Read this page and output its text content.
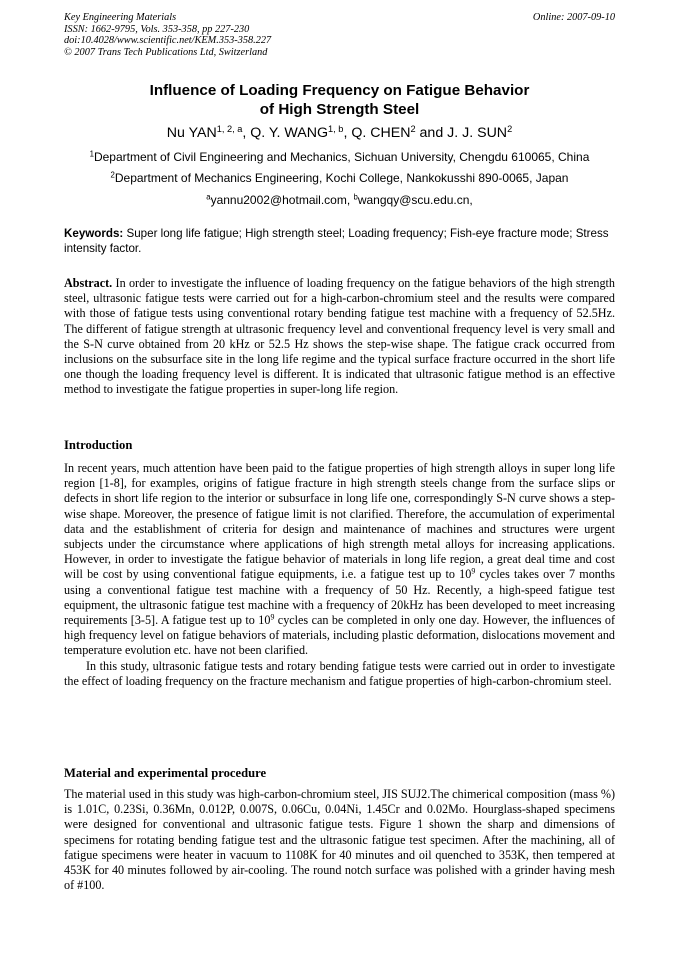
Key Engineering Materials
ISSN: 1662-9795, Vols. 353-358, pp 227-230
doi:10.4028/www.scientific.net/KEM.353-358.227
© 2007 Trans Tech Publications Ltd, Switzerland
Online: 2007-09-10
Influence of Loading Frequency on Fatigue Behavior
of High Strength Steel
Nu YAN$^{1, 2, a}$, Q. Y. WANG$^{1, b}$, Q. CHEN$^2$ and J. J. SUN$^2$
$^1$Department of Civil Engineering and Mechanics, Sichuan University, Chengdu 610065, China
$^2$Department of Mechanics Engineering, Kochi College, Nankokusshi 890-0065, Japan
$^a$yannu2002@hotmail.com, $^b$wangqy@scu.edu.cn,
Keywords: Super long life fatigue; High strength steel; Loading frequency; Fish-eye fracture mode; Stress intensity factor.

Abstract. In order to investigate the influence of loading frequency on the fatigue behaviors of the high strength steel, ultrasonic fatigue tests were carried out for a high-carbon-chromium steel and the results were compared with those of fatigue tests using conventional rotary bending fatigue test machine with a frequency of 52.5Hz. The different of fatigue strength at ultrasonic frequency level and conventional frequency level is very small and the S-N curve obtained from 20 kHz or 52.5 Hz shows the step-wise shape. The fatigue crack occurred from inclusions on the subsurface site in the long life regime and the typical surface fracture occurred in the short life one though the loading frequency level is different. It is indicated that ultrasonic fatigue method is an effective method to investigate the fatigue properties in super-long life region.

Introduction

In recent years, much attention have been paid to the fatigue properties of high strength alloys in super long life region [1-8], for examples, origins of fatigue fracture in high strength steels change from the surface slips or defects in short life region to the interior or subsurface in long life one, correspondingly S-N curve shows a step-wise shape. Moreover, the presence of fatigue limit is not clarified. Therefore, the accumulation of experimental data and the establishment of criteria for design and maintenance of machines and structures were urgent subjects under the circumstance where applications of high strength metal alloys for increasing applications. However, in order to investigate the fatigue behavior of materials in long life region, a great deal time and cost will be cost by using conventional fatigue equipments, i.e. a fatigue test up to $10^9$ cycles takes over 7 months using a conventional fatigue test machine with a frequency of 50 Hz. Recently, a high-speed fatigue test equipment, the ultrasonic fatigue test machine with a frequency of 20kHz has been developed to meet increasing requirements [3-5]. A fatigue test up to $10^9$ cycles can be completed in only one day. However, the influences of high frequency level on fatigue behaviors of materials, including plastic deformation, dislocations movement and temperature evolution etc. have not been clarified.

In this study, ultrasonic fatigue tests and rotary bending fatigue tests were carried out in order to investigate the effect of loading frequency on the fracture mechanism and fatigue properties of high-carbon-chromium steel.

Material and experimental procedure

The material used in this study was high-carbon-chromium steel, JIS SUJ2.The chimerical composition (mass %) is 1.01C, 0.23Si, 0.36Mn, 0.012P, 0.007S, 0.06Cu, 0.04Ni, 1.45Cr and 0.02Mo. Hourglass-shaped specimens were designed for conventional and ultrasonic fatigue tests. Figure 1 shown the sharp and dimensions of specimens for rotating bending fatigue test and the ultrasonic fatigue test specimen. After the machining, all of fatigue specimens were heater in vacuum to 1108K for 40 minutes and oil quenched to 353K, then tempered at 453K for 40 minutes followed by air-cooling. The round notch surface was polished with a grinder having mesh of #100.
